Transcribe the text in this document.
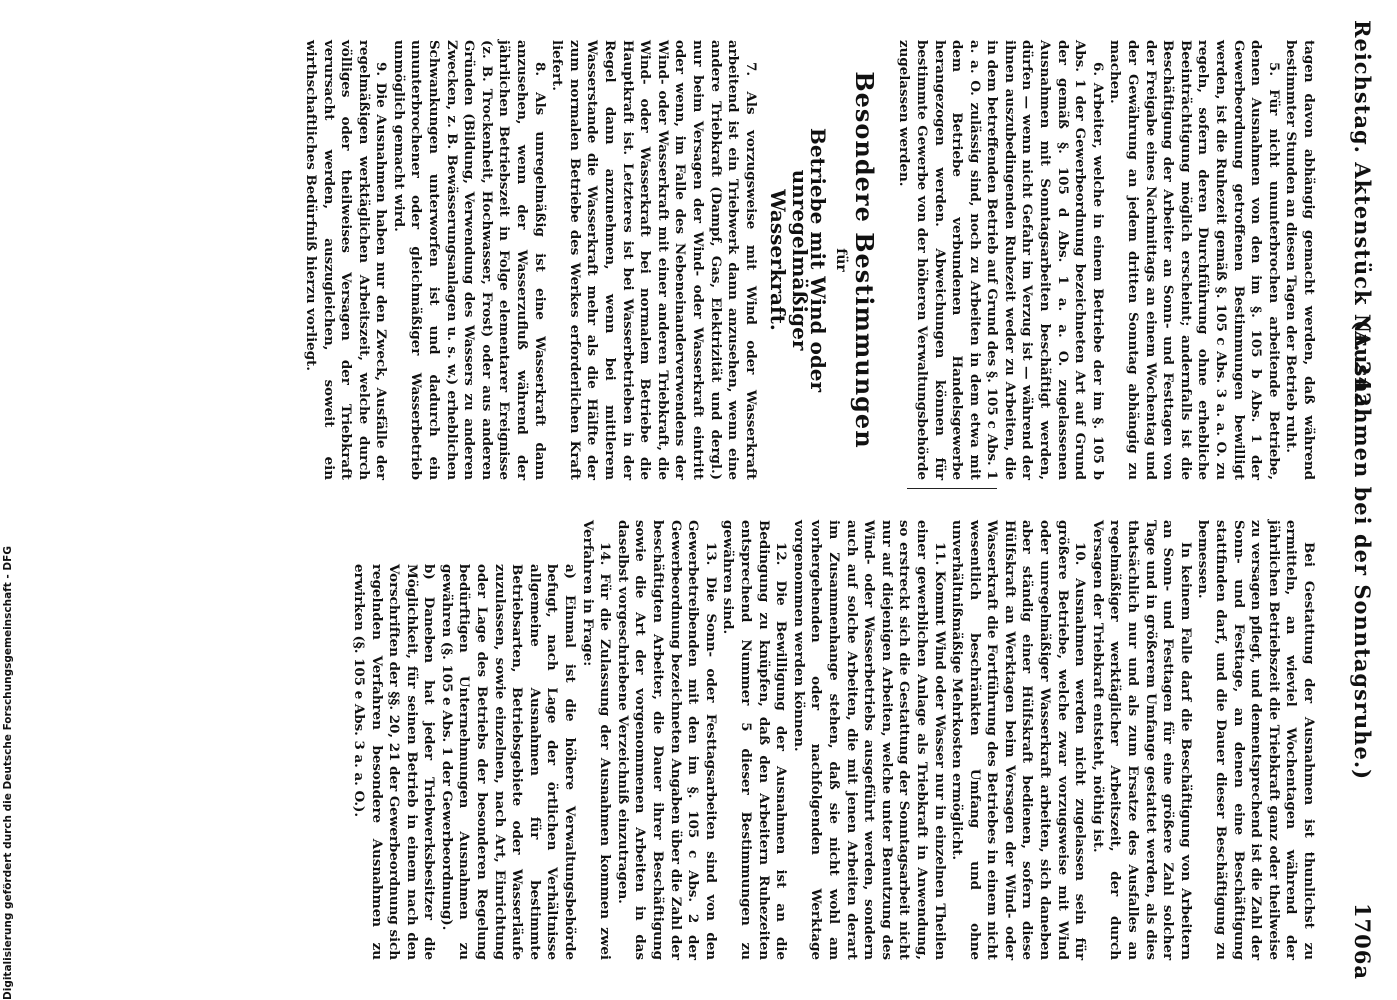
Reichstag. Aktenstück Nr. 242.
(Ausnahmen bei der Sonntagsruhe.)
1706a

tagen davon abhängig gemacht werden, daß während bestimmter Stunden an diesen Tagen der Betrieb ruht.

5. Für nicht ununterbrochen arbeitende Betriebe, denen Ausnahmen von den im §. 105 b Abs. 1 der Gewerbeordnung getroffenen Bestimmungen bewilligt werden, ist die Ruhezeit gemäß §. 105 c Abs. 3 a. a. O. zu regeln, sofern deren Durchführung ohne erhebliche Beeinträchtigung möglich erscheint; andernfalls ist die Beschäftigung der Arbeiter an Sonn- und Festtagen von der Freigabe eines Nachmittags an einem Wochentag und der Gewährung an jedem dritten Sonntag abhängig zu machen.

6. Arbeiter, welche in einem Betriebe der im §. 105 b Abs. 1 der Gewerbeordnung bezeichneten Art auf Grund der gemäß §. 105 d Abs. 1 a. a. O. zugelassenen Ausnahmen mit Sonntagsarbeiten beschäftigt werden, dürfen — wenn nicht Gefahr im Verzug ist — während der ihnen auszubedingenden Ruhezeit weder zu Arbeiten, die in dem betreffenden Betrieb auf Grund des §. 105 c Abs. 1 a. a. O. zulässig sind, noch zu Arbeiten in dem etwa mit dem Betriebe verbundenen Handelsgewerbe herangezogen werden. Abweichungen können für bestimmte Gewerbe von der höheren Verwaltungsbehörde zugelassen werden.

Besondere Bestimmungen
für
Betriebe mit Wind oder unregelmäßiger
Wasserkraft.

7. Als vorzugsweise mit Wind oder Wasserkraft arbeitend ist ein Triebwerk dann anzusehen, wenn eine andere Triebkraft (Dampf, Gas, Elektrizität und dergl.) nur beim Versagen der Wind- oder Wasserkraft eintritt oder wenn, im Falle des Nebeneinanderverwendens der Wind- oder Wasserkraft mit einer anderen Triebkraft, die Wind- oder Wasserkraft bei normalem Betriebe die Hauptkraft ist. Letzteres ist bei Wasserbetrieben in der Regel dann anzunehmen, wenn bei mittlerem Wasserstande die Wasserkraft mehr als die Hälfte der zum normalen Betriebe des Werkes erforderlichen Kraft liefert.

8. Als unregelmäßig ist eine Wasserkraft dann anzusehen, wenn der Wasserzufluß während der jährlichen Betriebszeit in Folge elementarer Ereignisse (z. B. Trockenheit, Hochwasser, Frost) oder aus anderen Gründen (Bildung, Verwendung des Wassers zu anderen Zwecken, z. B. Bewässerungsanlagen u. s. w.) erheblichen Schwankungen unterworfen ist und dadurch ein ununterbrochener oder gleichmäßiger Wasserbetrieb unmöglich gemacht wird.

9. Die Ausnahmen haben nur den Zweck, Ausfälle der regelmäßigen werktäglichen Arbeitszeit, welche durch völliges oder theilweises Versagen der Triebkraft verursacht werden, auszugleichen, soweit ein wirthschaftliches Bedürfniß hierzu vorliegt.

Bei Gestattung der Ausnahmen ist thunlichst zu ermitteln, an wieviel Wochentagen während der jährlichen Betriebszeit die Triebkraft ganz oder theilweise zu versagen pflegt, und dementsprechend ist die Zahl der Sonn- und Festtage, an denen eine Beschäftigung stattfinden darf, und die Dauer dieser Beschäftigung zu bemessen.

In keinem Falle darf die Beschäftigung von Arbeitern an Sonn- und Festtagen für eine größere Zahl solcher Tage und in größerem Umfange gestattet werden, als dies thatsächlich nur und als zum Ersatze des Ausfalles an regelmäßiger werktäglicher Arbeitszeit, der durch Versagen der Triebkraft entsteht, nöthig ist.

10. Ausnahmen werden nicht zugelassen sein für größere Betriebe, welche zwar vorzugsweise mit Wind oder unregelmäßiger Wasserkraft arbeiten, sich daneben aber ständig einer Hülfskraft bedienen, sofern diese Hülfskraft an Werktagen beim Versagen der Wind- oder Wasserkraft die Fortführung des Betriebes in einem nicht wesentlich beschränkten Umfang und ohne unverhältnißmäßige Mehrkosten ermöglicht.

11. Kommt Wind oder Wasser nur in einzelnen Theilen einer gewerblichen Anlage als Triebkraft in Anwendung, so erstreckt sich die Gestattung der Sonntagsarbeit nicht nur auf diejenigen Arbeiten, welche unter Benutzung des Wind- oder Wasserbetriebs ausgeführt werden, sondern auch auf solche Arbeiten, die mit jenen Arbeiten derart im Zusammenhange stehen, daß sie nicht wohl am vorhergehenden oder nachfolgenden Werktage vorgenommen werden können.

12. Die Bewilligung der Ausnahmen ist an die Bedingung zu knüpfen, daß den Arbeitern Ruhezeiten entsprechend Nummer 5 dieser Bestimmungen zu gewähren sind.

13. Die Sonn- oder Festtagsarbeiten sind von den Gewerbetreibenden mit den im §. 105 c Abs. 2 der Gewerbeordnung bezeichneten Angaben über die Zahl der beschäftigten Arbeiter, die Dauer ihrer Beschäftigung sowie die Art der vorgenommenen Arbeiten in das daselbst vorgeschriebene Verzeichniß einzutragen.

14. Für die Zulassung der Ausnahmen kommen zwei Verfahren in Frage:

a) Einmal ist die höhere Verwaltungsbehörde befugt, nach Lage der örtlichen Verhältnisse allgemeine Ausnahmen für bestimmte Betriebsarten, Betriebsgebiete oder Wasserläufe zuzulassen, sowie einzelnen, nach Art, Einrichtung oder Lage des Betriebs der besonderen Regelung bedürftigen Unternehmungen Ausnahmen zu gewähren (§. 105 e Abs. 1 der Gewerbeordnung).

b) Daneben hat jeder Triebwerksbesitzer die Möglichkeit, für seinen Betrieb in einem nach den Vorschriften der §§. 20, 21 der Gewerbeordnung sich regelnden Verfahren besondere Ausnahmen zu erwirken (§. 105 e Abs. 3 a. a. O.).

Digitalisierung gefördert durch die Deutsche Forschungsgemeinschaft - DFG
